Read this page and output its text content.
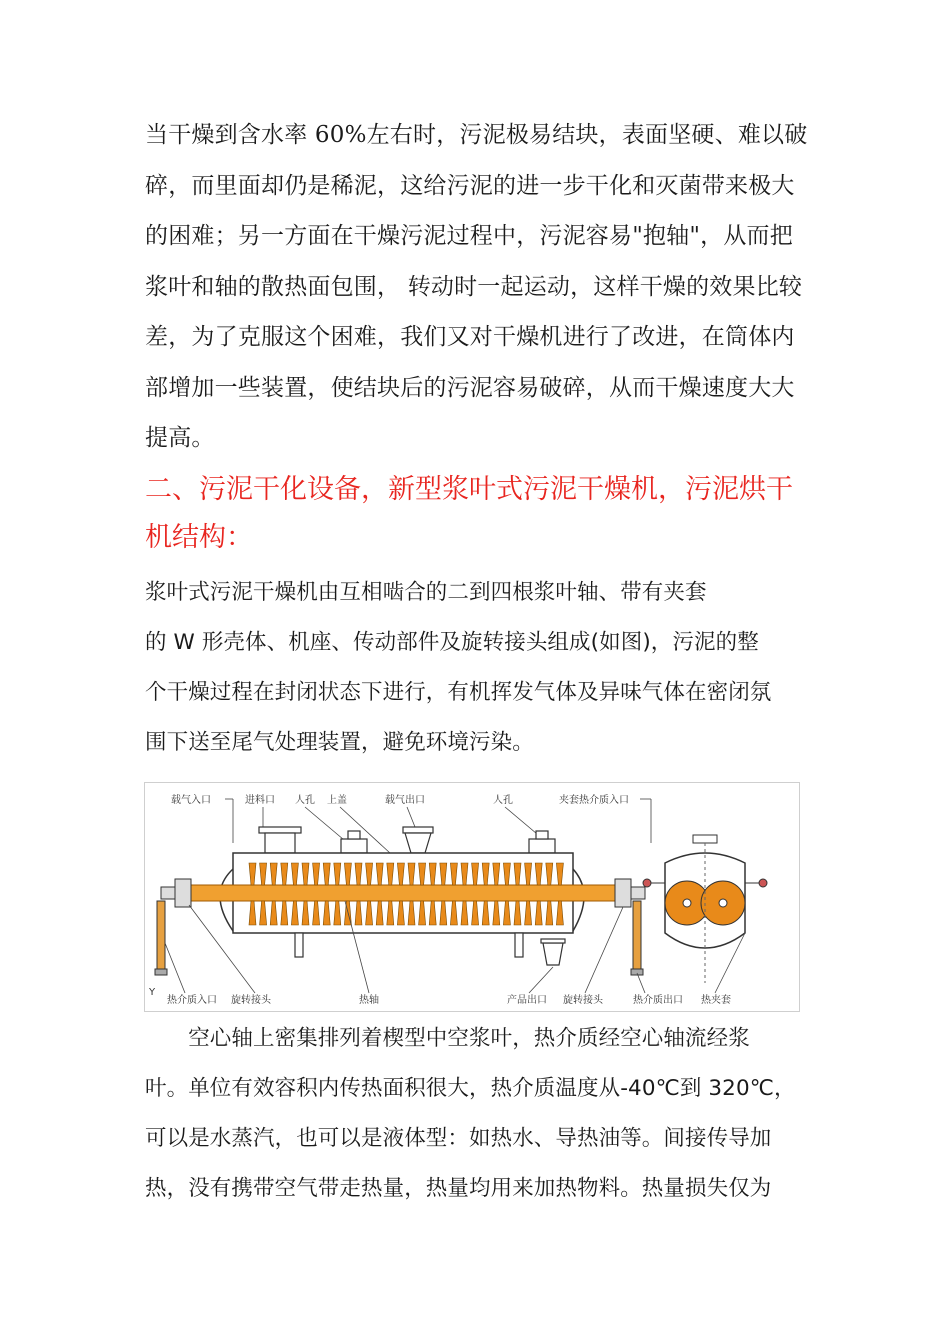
当干燥到含水率 60%左右时，污泥极易结块，表面坚硬、难以破
碎，而里面却仍是稀泥，这给污泥的进一步干化和灭菌带来极大
的困难；另一方面在干燥污泥过程中，污泥容易"抱轴"，从而把
浆叶和轴的散热面包围， 转动时一起运动，这样干燥的效果比较
差，为了克服这个困难，我们又对干燥机进行了改进，在筒体内
部增加一些装置，使结块后的污泥容易破碎，从而干燥速度大大
提高。
二、污泥干化设备，新型浆叶式污泥干燥机，污泥烘干
机结构：
浆叶式污泥干燥机由互相啮合的二到四根浆叶轴、带有夹套
的 W 形壳体、机座、传动部件及旋转接头组成(如图)，污泥的整
个干燥过程在封闭状态下进行，有机挥发气体及异味气体在密闭氛
围下送至尾气处理装置，避免环境污染。
载气入口	进料口 人孔 上盖	载气出口	人孔	夹套热介质入口
Y
热介质入口 旋转接头	热轴	产品出口 旋转接头	热介质出口 热夹套
　　空心轴上密集排列着楔型中空浆叶，热介质经空心轴流经浆
叶。单位有效容积内传热面积很大，热介质温度从-40℃到 320℃，
可以是水蒸汽，也可以是液体型：如热水、导热油等。间接传导加
热，没有携带空气带走热量，热量均用来加热物料。热量损失仅为
